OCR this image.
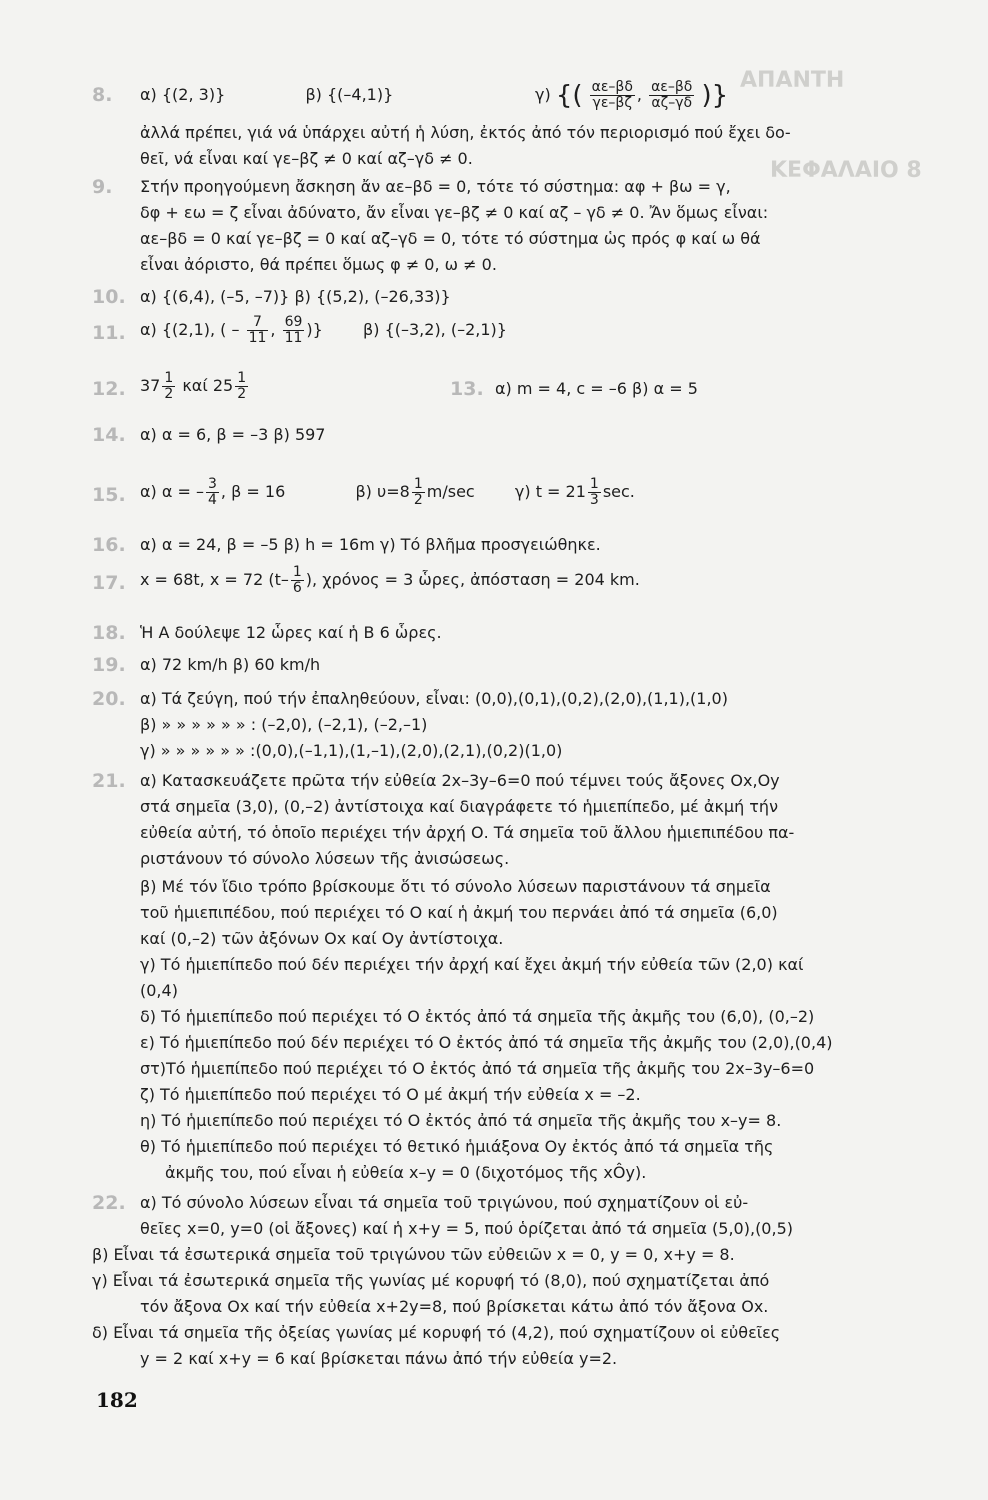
ΑΠΑΝΤΗ
ΚΕΦΑΛΑΙΟ 8
8. α) {(2, 3)}	β) {(–4,1)}	γ) {( $\frac{\alpha\varepsilon-\beta\delta}{\gamma\varepsilon-\beta\zeta}$ , $\frac{\alpha\varepsilon-\beta\delta}{\alpha\zeta-\gamma\delta}$ )}
ἀλλά πρέπει, γιά νά ὑπάρχει αὐτή ἡ λύση, ἐκτός ἀπό τόν περιορισμό πού ἔχει δο-
θεῖ, νά εἶναι καί γε–βζ ≠ 0 καί αζ–γδ ≠ 0.
9. Στήν προηγούμενη ἄσκηση ἄν αε–βδ = 0, τότε τό σύστημα: αφ + βω = γ,
δφ + εω = ζ εἶναι ἀδύνατο, ἄν εἶναι γε–βζ ≠ 0 καί αζ – γδ ≠ 0. Ἄν ὅμως εἶναι:
αε–βδ = 0 καί γε–βζ = 0 καί αζ–γδ = 0, τότε τό σύστημα ὡς πρός φ καί ω θά
εἶναι ἀόριστο, θά πρέπει ὅμως φ ≠ 0, ω ≠ 0.
10. α) {(6,4), (–5, –7)} β) {(5,2), (–26,33)}
11. α) {(2,1), ( – $\frac{7}{11}$ , $\frac{69}{11}$ )}	β) {(–3,2), (–2,1)}
12. $37 \frac{1}{2}$ καί $25 \frac{1}{2}$	13. α) m = 4, c = –6 β) α = 5
14. α) α = 6, β = –3 β) 597
15. α) α = – $\frac{3}{4}$ , β = 16	β) $\upsilon=8 \frac{1}{2} m/\sec$	γ) $t = 21 \frac{1}{3} \sec$.
16. α) α = 24, β = –5 β) h = 16m γ) Τό βλῆμα προσγειώθηκε.
17. x = 68t, x = 72 ($t- \frac{1}{6}$ ), χρόνος = 3 ὧρες, ἀπόσταση = 204 km.
18. Ἡ Α δούλεψε 12 ὧρες καί ἡ Β 6 ὧρες.
19. α) 72 km/h β) 60 km/h
20. α) Τά ζεύγη, πού τήν ἐπαληθεύουν, εἶναι: (0,0),(0,1),(0,2),(2,0),(1,1),(1,0)
β) » » » » » » : (–2,0), (–2,1), (–2,–1)
γ) » » » » » » :(0,0),(–1,1),(1,–1),(2,0),(2,1),(0,2)(1,0)
21. α) Κατασκευάζετε πρῶτα τήν εὐθεία 2x–3y–6=0 πού τέμνει τούς ἄξονες Ox,Oy
στά σημεῖα (3,0), (0,–2) ἀντίστοιχα καί διαγράφετε τό ἡμιεπίπεδο, μέ ἀκμή τήν
εὐθεία αὐτή, τό ὁποῖο περιέχει τήν ἀρχή Ο. Τά σημεῖα τοῦ ἄλλου ἡμιεπιπέδου πα-
ριστάνουν τό σύνολο λύσεων τῆς ἀνισώσεως.
β) Μέ τόν ἴδιο τρόπο βρίσκουμε ὅτι τό σύνολο λύσεων παριστάνουν τά σημεῖα
τοῦ ἡμιεπιπέδου, πού περιέχει τό Ο καί ἡ ἀκμή του περνάει ἀπό τά σημεῖα (6,0)
καί (0,–2) τῶν ἀξόνων Ox καί Oy ἀντίστοιχα.
γ) Τό ἡμιεπίπεδο πού δέν περιέχει τήν ἀρχή καί ἔχει ἀκμή τήν εὐθεία τῶν (2,0) καί
(0,4)
δ) Τό ἡμιεπίπεδο πού περιέχει τό Ο ἐκτός ἀπό τά σημεῖα τῆς ἀκμῆς του (6,0), (0,–2)
ε) Τό ἡμιεπίπεδο πού δέν περιέχει τό Ο ἐκτός ἀπό τά σημεῖα τῆς ἀκμῆς του (2,0),(0,4)
στ)Τό ἡμιεπίπεδο πού περιέχει τό Ο ἐκτός ἀπό τά σημεῖα τῆς ἀκμῆς του 2x–3y–6=0
ζ) Τό ἡμιεπίπεδο πού περιέχει τό Ο μέ ἀκμή τήν εὐθεία x = –2.
η) Τό ἡμιεπίπεδο πού περιέχει τό Ο ἐκτός ἀπό τά σημεῖα τῆς ἀκμῆς του x–y= 8.
θ) Τό ἡμιεπίπεδο πού περιέχει τό θετικό ἡμιάξονα Oy ἐκτός ἀπό τά σημεῖα τῆς
ἀκμῆς του, πού εἶναι ἡ εὐθεία x–y = 0 (διχοτόμος τῆς xÔy).
22. α) Τό σύνολο λύσεων εἶναι τά σημεῖα τοῦ τριγώνου, πού σχηματίζουν οἱ εὐ-
θεῖες x=0, y=0 (οἱ ἄξονες) καί ἡ x+y = 5, πού ὁρίζεται ἀπό τά σημεῖα (5,0),(0,5)
β) Εἶναι τά ἐσωτερικά σημεῖα τοῦ τριγώνου τῶν εὐθειῶν x = 0, y = 0, x+y = 8.
γ) Εἶναι τά ἐσωτερικά σημεῖα τῆς γωνίας μέ κορυφή τό (8,0), πού σχηματίζεται ἀπό
τόν ἄξονα Ox καί τήν εὐθεία x+2y=8, πού βρίσκεται κάτω ἀπό τόν ἄξονα Ox.
δ) Εἶναι τά σημεῖα τῆς ὀξείας γωνίας μέ κορυφή τό (4,2), πού σχηματίζουν οἱ εὐθεῖες
y = 2 καί x+y = 6 καί βρίσκεται πάνω ἀπό τήν εὐθεία y=2.
182
